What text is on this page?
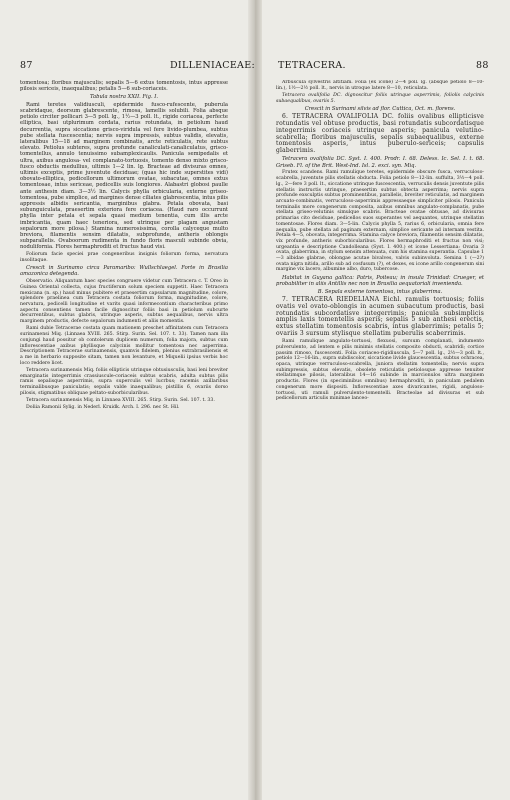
87	DILLENIACEAE: TETRACERA.	88

tomentosa; floribus majusculis; sepalis 5—6 extus tomentosis, intus appresse pilosis sericeis, inaequalibus; petalis 5—6 sub-coriaceis.

Tabula nostra XXII. Fig. I.

Rami teretes validiusculi, epidermide fusco-rufescente, puberula scabridaque, deorsum glabrescente, rimosa, lamellis solubili. Folia absque petiolo circiter pollicari 3—5 poll. lg., 1½—3 poll. lt., rigide coriacea, perfecte elliptica, basi utplurimum cordata, rarius rotundata, in petiolum haud decurrentia, supra siccatione grisco-viridula vel fere livido-plumbea, subtus pube stellata fuscescentia; nervis supra impressis, subtus validis, elevatis, lateralibus 15—18 ad marginem combinatis, arcte reticulatis, rete subtus elevato. Petiolus subteres, supra profunde canaliculati-canaliculatus, grisco-tomentellus, annulo tenuissimo subamplexicaulis. Panicula semipedalis et ultra, axibus angulosa- vel complanato-tortuosis, tomento denso mixto grisco-fusco obductis medullius, ultimis 1—2 lin. lg. Bracteae ad divisuras omnes, ultimis exceptis, prime juventute deciduae; (quas hic inde superstites vidi) obovato-elliptica, pedicellorum ultimorum ovatae, subacutae, omnes extus tomentosae, intus sericeae, pedicellis suis longiores. Alabastri globosi paulle ante anthesin diam. 3—3½ lin. Calycis phylla orbicularia, externe griseo-tomentosa, pube simplice, ad margines dense ciliates glabrescentia, intus pilis appressis albidis sericantia, marginibus glabra. Petala obovata, basi subunguiculata, praesertim exteriora fere coriacea. (Haud raro occurrunt phylla inter petala et sepala quasi medium tenentia, cum illis arcte imbricantia, quam haec teneriora, sed utrinque per plagam angustam sepalorum more pilosa.) Stamina numerosissima, corolla calyceque multo breviora, filamentis sensim dilatatis, subprofunde, antheris oblongis subparallelis. Ovaboorum rudimenta in fundo floris masculi subinde obvia, nodulifornia. Flores hermaphroditi et fructus haud visi.

Foliorum facie speciei prae congeneribus insignis foliorum forma, nervatura insolitaque.

Crescit in Surinamo circa Paramaribo: Wullschlaegel. Forte in Brasilia amazonica detegenda.

Observatio. Aliquantum haec species congruere videtur cum Tetracera c. T. Oreo in Guinea Oriental collecta, cujus fructiferum solum speciem suppetit. Haec Tetracera mexicana (n. sp.) haud minus pubitere et praesertim capsularum magnitudine, colore, splendore praelinea cum Tetracera costata foliorum forma, magnitudine, colore, nervatura, pedicelli longitudine et varits quasi informecontium characteribus primo aspectu consentiens tamen facile dignoscitur foliis basi in petiolum subcurte decurrentibus, subtus glabris, utrinque asperis, subtus aequalibus, nervis ultra marginem productis, defecte sepalorum indumenti et aliis momentis.

Rami dubie Tetracerae costata quam mationem preschet affinitatem cum Tetracera surinamensi Miq. (Linnaea XVIII. 265. Stirp. Surin. Sel. 107. t. 33). Tamen nam illa conjungi haud possitur ob contolerum duplicem numerum, folia majora, subtus cum inflorescentiae axibus phyllisque calycinis mollitur tomentosa nec asperrima. Descriptionem Tetracerae surinamensis, quamvis fidelem, plenius extrabrasiliensis et a me in herbario supposite sitam, tamen non levanture, et Miquelii ipsius verbis hoc loco reddere licet.

Tetracera surinamensis Miq. foliis ellipticis utrinque obtusiusculis, basi leni breviter emarginatis integerrimis crassiuscule-coriaceis subtus scabris, adulta subtus pilis ramis sepalisque asperrimis, supra superculis vel lucrbus; racemis axillaribus terminalibusque paniculatis; sepalis valde inaequalibus; pistillis 6, ovariis dorso pilosis, stigmatibus obliquae peltato-suborbicularibus.

Tetracera surinamensis Miq. in Linnaea XVIII. 265. Stirp. Surin. Sel. 107. t. 33.

Doliia Ramonii Sylig. in Nederl. Kruidk. Arch. I. 296. nec St. Hil.

Arbuscula sylvestris altitiam. Folia (ex icone) 2—4 poll. lg. (absque petiolo 8—10-lin.), 1½—2½ poll. lt., nervis in utroque latere 8—10, reticulata.

Tetracera ovalifolia DC. dignoscitur foliis utrinque asperrimis, foliolis calycinis subaequalibus, ovariis 5.

Crescit in Surinami silvis ad flor. Cuttica, Oct. m. florens.

6. TETRACERA OVALIFOLIA DC. foliis ovalibus ellipticisve rotundatis vel obtuse productis, basi rotundatis subcordatisque integerrimis coriaceis utrinque asperis; panicula velutino-scabrella; floribus majusculis, sepalis subaequalibus, externe tomentosis asperis, intus puberulo-sericeis; capsulis glaberrimis.

Tetracera ovalifolia DC. Syst. I. 400. Prodr. I. 68. Deless. Ic. Sel. I. t. 68. Griseb. Fl. of the Brit. West-Ind. Isl. 2. exci. syn. Miq.

Frutex scandens. Rami ramulique teretes, epidermide obscure fusca, verruculoso-scabrella, juventute pilis stellatis obducta. Folia petiolo 8—12-lin. suffulta, 3½—4 poll. lg., 2—fere 3 poll. lt., siccatione utrinque fuscescentia, verruculis densis juventute pilis stellatis instructis utrinque, praesertim subtus obtecta asperrima; nervis supra profunde exsculptis subtus prominentibus, parallelis, breviter reticulatis, ad marginem arcuato-combinatis, verruculoso-asperrimis appressaeque simpliciter pilosis. Panicula terminalis more congenerum composita, axibus omnibus angulato-complanatis, pube stellata griseo-velutinis simulque scabris. Bracteae ovatae obtusae, ad divisuras primarias cito deciduae, pedicellos suos superantes vel aequantes, utrinque stellatim tomentosae. Flores diam. 3—5-lin. Calycis phylla 5, rarius 6, orbicularia, omnia fere aequalia, pube stellata ad paginam externam, simplice sericante ad internam vestita. Petala 4—5, obovata, integerrima. Stamina calyce breviora, filamentis sensim dilatatis, vix profunde, antheris suborbicularibus. Flores hermaphroditi et fructus non visi; urgeantia e descriptione Candolleana (Syst. I. 400.) et icone Lessertiana: Ovaria 3 ovata, glaberrima, in stylum sensim attenuata, cum his stamina superantia. Capsulae 1—3 albidae glabrae, oblongae acutae bivalves, valvis subinvoluta. Semina 1 (—2?) ovata nigra nitida, arillo sub ad cosfusum (?), et dexes, ex icone arillo congenerum sini margine vix lacero, albumine albo, duro, tubercose.

Habitat in Guyana gallica: Patris, Poiteau; in insula Trinidad: Crueger, et probabiliter in aliis Antillis nec non in Brasilia aequatoriali inveniendа.

B. Sepala externe tomentosa, intus glaberrima.

7. TETRACERA RIEDELIANA Eichl. ramulis tortuosis; foliis ovatis vel ovato-oblongis in acumen subacutum productis, basi rotundatis subcordatisve integerrimis; panicula subsimplicis amplis laxis tomentellis asperis; sepalis 5 sub anthesi erectis, extus stellatim tomentosis scabris, intus glaberrimis; petalis 5; ovariis 3 sursum stylisque stellatim puberulis scaberrimis.

Rami ramulique angulato-tortuosi, flexuosi, sursum complanati, indumento pulverulento, ad lentem e pilis minimis stellatis composito obducti, scabridi; cortice passim rimoso, fuscescenti. Folia coriaceo-rigidiuscula, 5—7 poll. lg., 2½—3 poll. lt., petiolo 12—16-lin., supra subdiscolor, siccatione livide glaucescentia, subtus ochracea, opaca, utrinque verruculoso-scabrella, juniora stellatim tomentella; nervis supra subimpressis, subtus elevatis, obsolete reticulatis petiolosque appresse tenuiter stellatimque pilosis, lateralibus 14—16 subinde in marcionulos ultra marginem productis. Flores (in speciminibus omnibus) hermaphroditi, in paniculam pedalem congenerum more dispositi. Inflorescentiae axes divaricantes, rigidi, anguloso-tortuosi, uti ramuli pulverulento-tomentelli. Bracteolae ad divisuras et sub pedicellorum articulis minimae lanceo-
